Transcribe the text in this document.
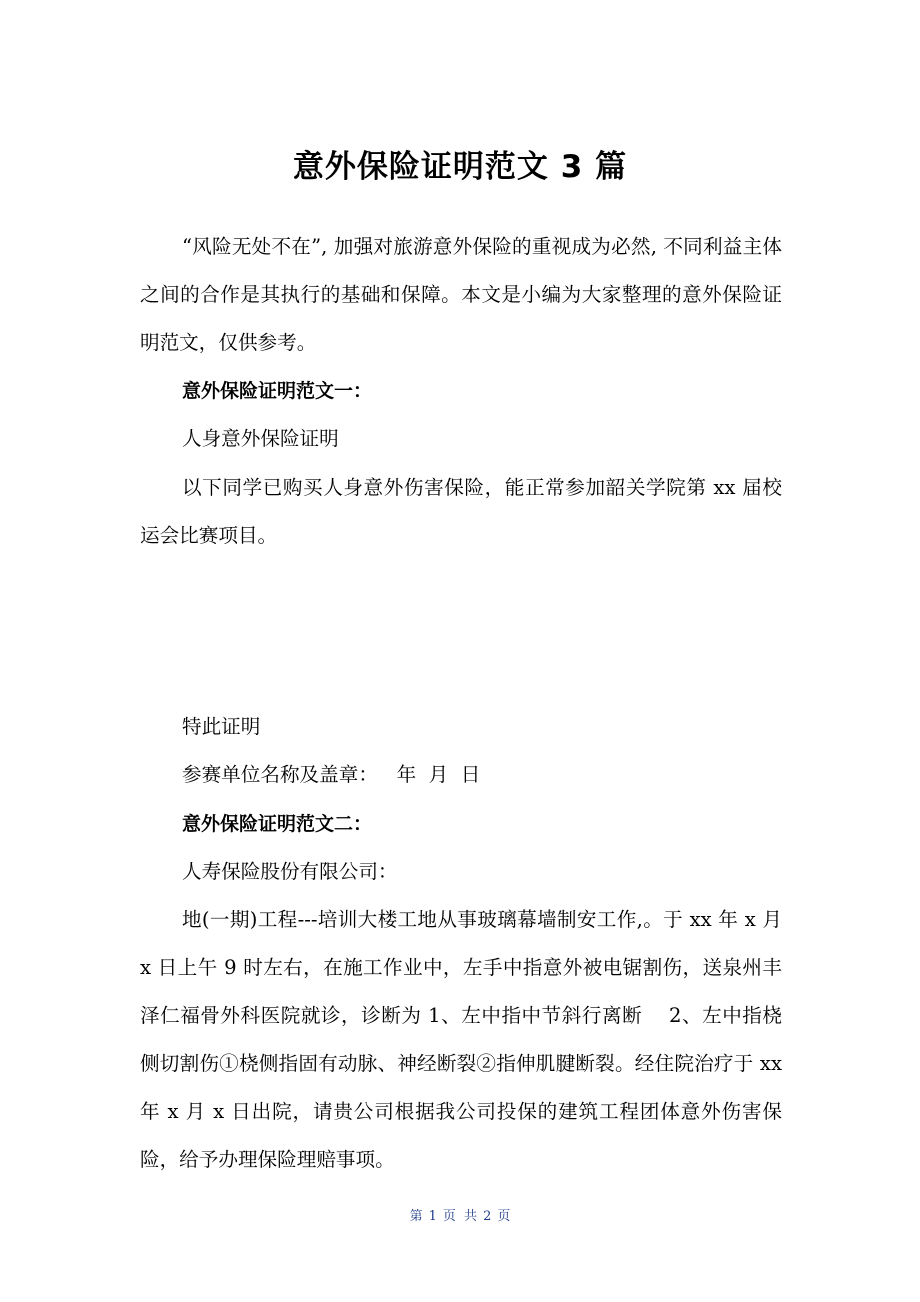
意外保险证明范文 3 篇
“风险无处不在”, 加强对旅游意外保险的重视成为必然, 不同利益主体之间的合作是其执行的基础和保障。本文是小编为大家整理的意外保险证明范文，仅供参考。
意外保险证明范文一：
人身意外保险证明
以下同学已购买人身意外伤害保险，能正常参加韶关学院第 xx 届校运会比赛项目。
特此证明
参赛单位名称及盖章：   年  月  日
意外保险证明范文二：
人寿保险股份有限公司：
地(一期)工程---培训大楼工地从事玻璃幕墙制安工作,。于 xx 年 x 月 x 日上午 9 时左右，在施工作业中，左手中指意外被电锯割伤，送泉州丰泽仁福骨外科医院就诊，诊断为 1、左中指中节斜行离断　 2、左中指桡侧切割伤①桡侧指固有动脉、神经断裂②指伸肌腱断裂。经住院治疗于 xx 年 x 月 x 日出院，请贵公司根据我公司投保的建筑工程团体意外伤害保险，给予办理保险理赔事项。
第 1 页 共 2 页
